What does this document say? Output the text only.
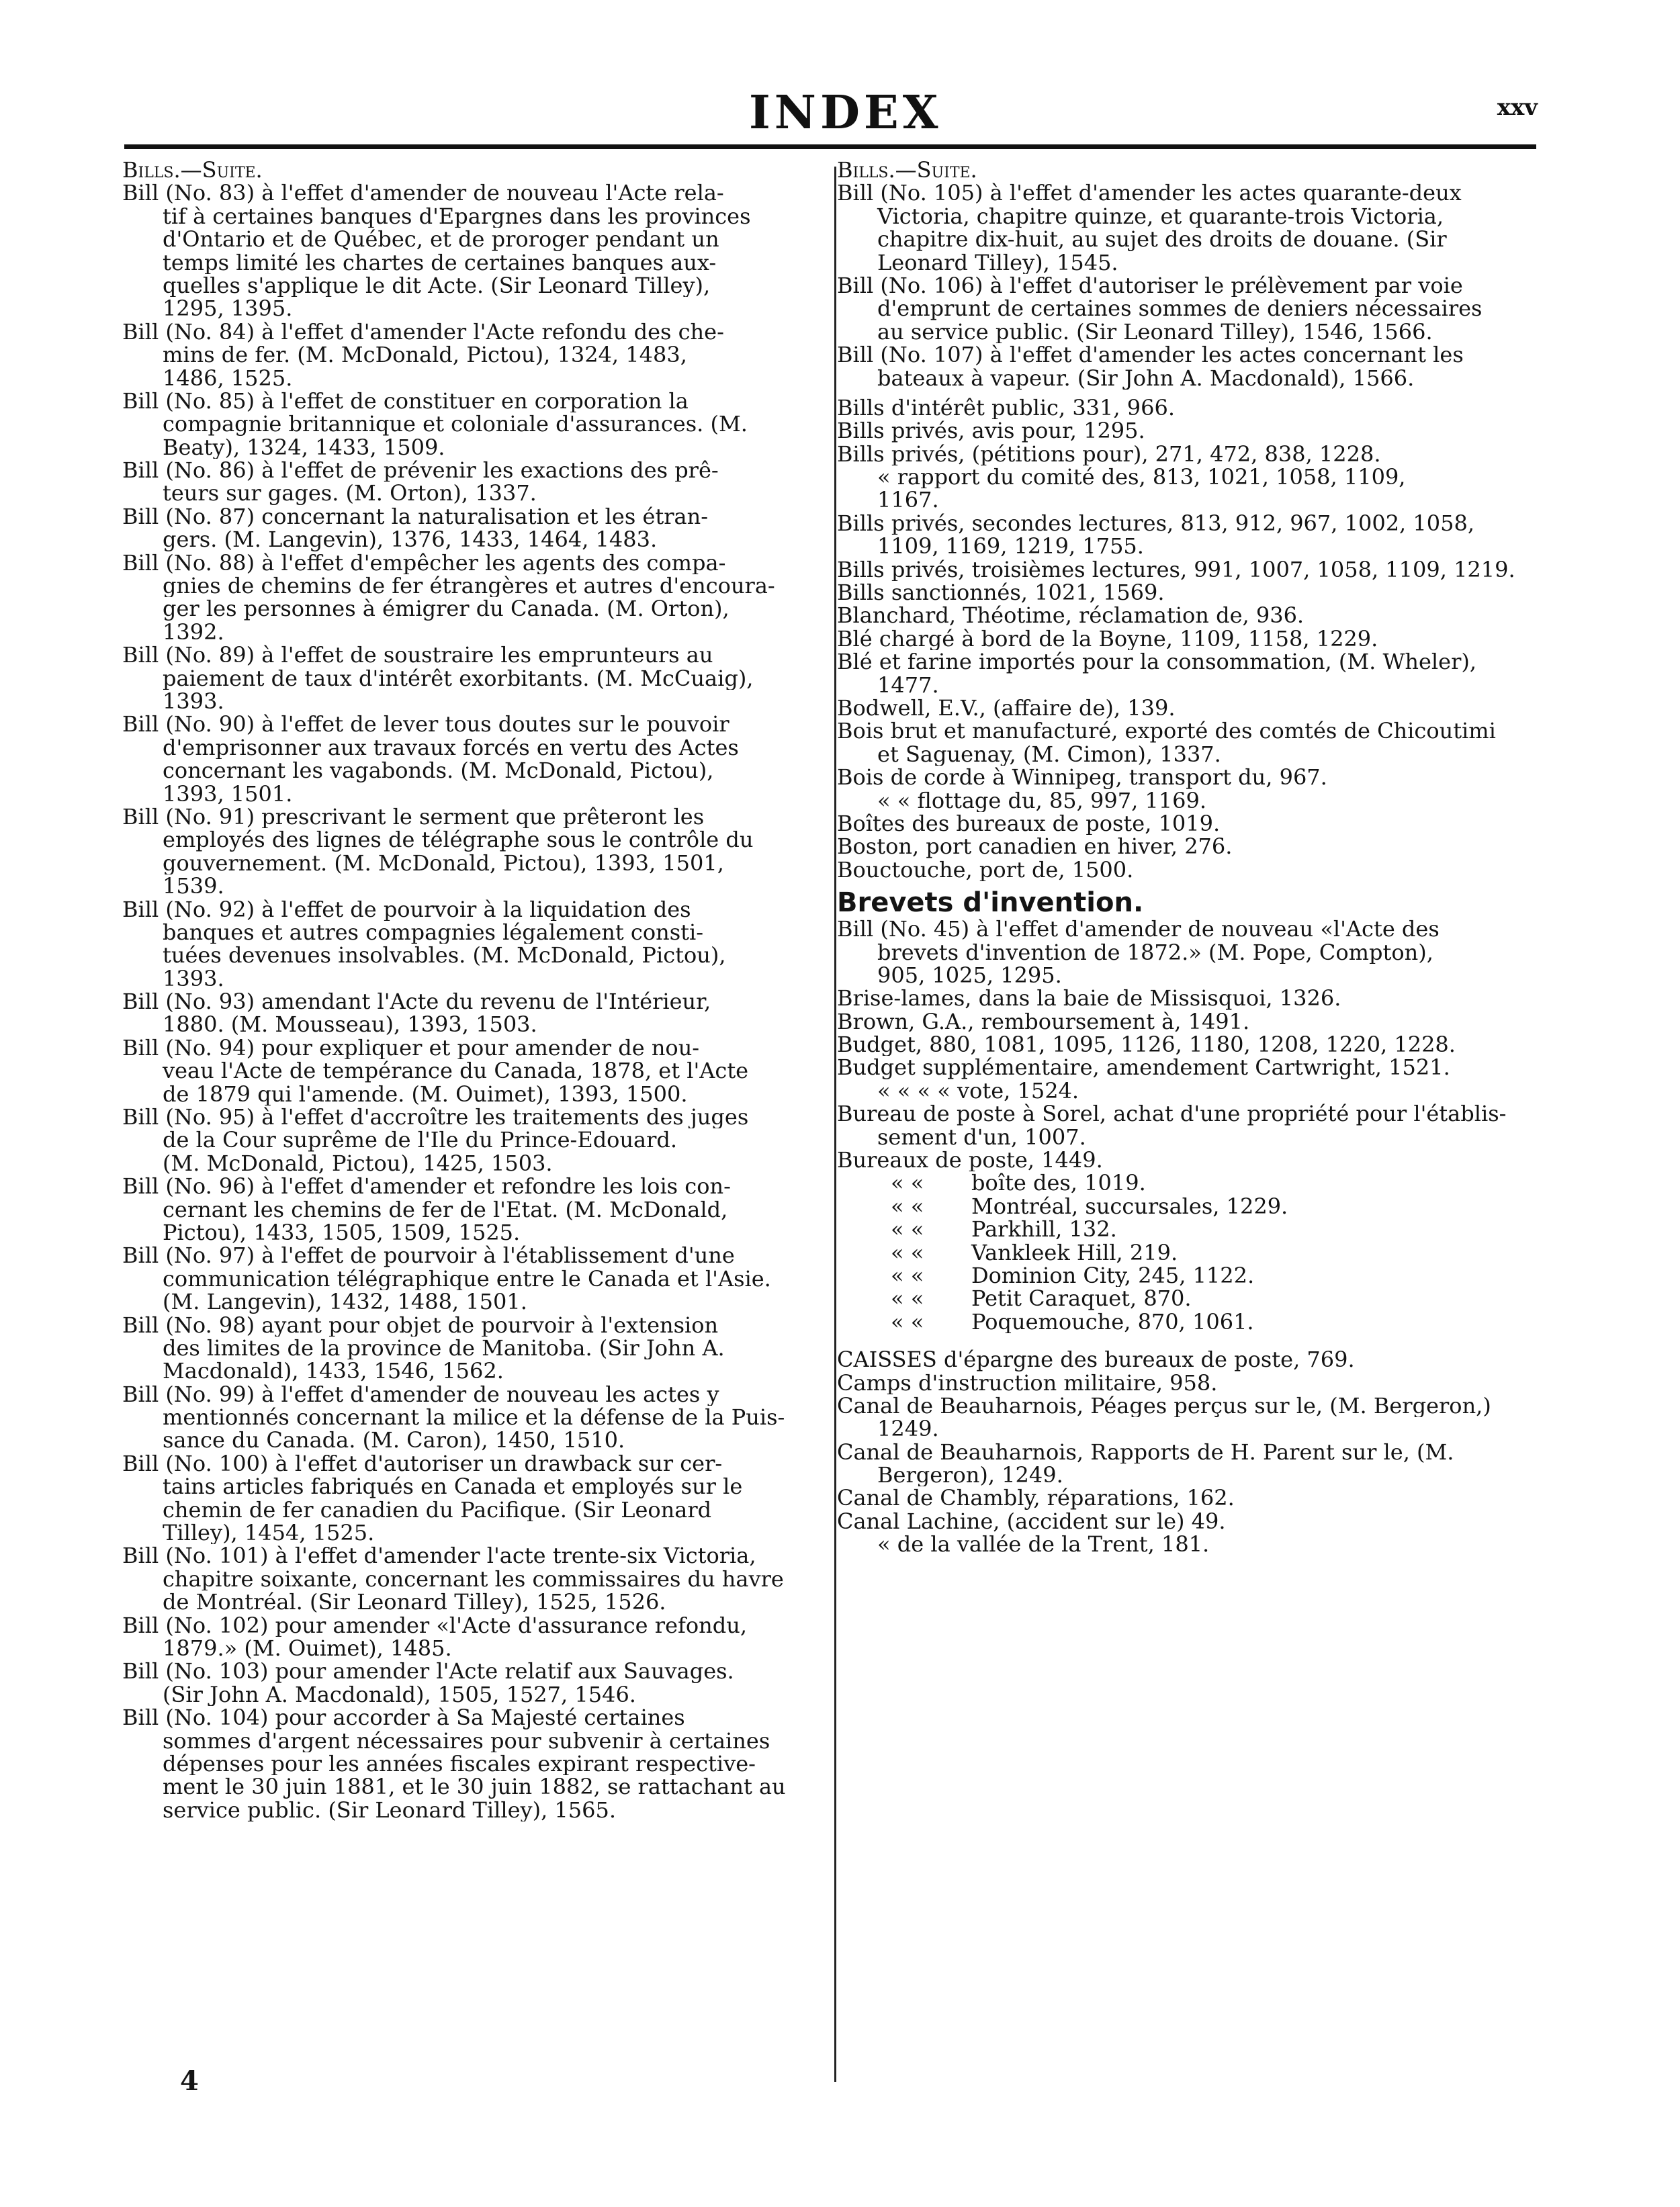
INDEX	xxv
Bills.—Suite.
Bill (No. 83) à l'effet d'amender de nouveau l'Acte rela-
tif à certaines banques d'Epargnes dans les provinces
d'Ontario et de Québec, et de proroger pendant un
temps limité les chartes de certaines banques aux-
quelles s'applique le dit Acte. (Sir Leonard Tilley),
1295, 1395.
Bill (No. 84) à l'effet d'amender l'Acte refondu des che-
mins de fer. (M. McDonald, Pictou), 1324, 1483,
1486, 1525.
Bill (No. 85) à l'effet de constituer en corporation la
compagnie britannique et coloniale d'assurances. (M.
Beaty), 1324, 1433, 1509.
Bill (No. 86) à l'effet de prévenir les exactions des prê-
teurs sur gages. (M. Orton), 1337.
Bill (No. 87) concernant la naturalisation et les étran-
gers. (M. Langevin), 1376, 1433, 1464, 1483.
Bill (No. 88) à l'effet d'empêcher les agents des compa-
gnies de chemins de fer étrangères et autres d'encoura-
ger les personnes à émigrer du Canada. (M. Orton),
1392.
Bill (No. 89) à l'effet de soustraire les emprunteurs au
paiement de taux d'intérêt exorbitants. (M. McCuaig),
1393.
Bill (No. 90) à l'effet de lever tous doutes sur le pouvoir
d'emprisonner aux travaux forcés en vertu des Actes
concernant les vagabonds. (M. McDonald, Pictou),
1393, 1501.
Bill (No. 91) prescrivant le serment que prêteront les
employés des lignes de télégraphe sous le contrôle du
gouvernement. (M. McDonald, Pictou), 1393, 1501,
1539.
Bill (No. 92) à l'effet de pourvoir à la liquidation des
banques et autres compagnies légalement consti-
tuées devenues insolvables. (M. McDonald, Pictou),
1393.
Bill (No. 93) amendant l'Acte du revenu de l'Intérieur,
1880. (M. Mousseau), 1393, 1503.
Bill (No. 94) pour expliquer et pour amender de nou-
veau l'Acte de tempérance du Canada, 1878, et l'Acte
de 1879 qui l'amende. (M. Ouimet), 1393, 1500.
Bill (No. 95) à l'effet d'accroître les traitements des juges
de la Cour suprême de l'Ile du Prince-Edouard.
(M. McDonald, Pictou), 1425, 1503.
Bill (No. 96) à l'effet d'amender et refondre les lois con-
cernant les chemins de fer de l'Etat. (M. McDonald,
Pictou), 1433, 1505, 1509, 1525.
Bill (No. 97) à l'effet de pourvoir à l'établissement d'une
communication télégraphique entre le Canada et l'Asie.
(M. Langevin), 1432, 1488, 1501.
Bill (No. 98) ayant pour objet de pourvoir à l'extension
des limites de la province de Manitoba. (Sir John A.
Macdonald), 1433, 1546, 1562.
Bill (No. 99) à l'effet d'amender de nouveau les actes y
mentionnés concernant la milice et la défense de la Puis-
sance du Canada. (M. Caron), 1450, 1510.
Bill (No. 100) à l'effet d'autoriser un drawback sur cer-
tains articles fabriqués en Canada et employés sur le
chemin de fer canadien du Pacifique. (Sir Leonard
Tilley), 1454, 1525.
Bill (No. 101) à l'effet d'amender l'acte trente-six Victoria,
chapitre soixante, concernant les commissaires du havre
de Montréal. (Sir Leonard Tilley), 1525, 1526.
Bill (No. 102) pour amender «l'Acte d'assurance refondu,
1879.» (M. Ouimet), 1485.
Bill (No. 103) pour amender l'Acte relatif aux Sauvages.
(Sir John A. Macdonald), 1505, 1527, 1546.
Bill (No. 104) pour accorder à Sa Majesté certaines
sommes d'argent nécessaires pour subvenir à certaines
dépenses pour les années fiscales expirant respective-
ment le 30 juin 1881, et le 30 juin 1882, se rattachant au
service public. (Sir Leonard Tilley), 1565.
Bills.—Suite.
Bill (No. 105) à l'effet d'amender les actes quarante-deux
Victoria, chapitre quinze, et quarante-trois Victoria,
chapitre dix-huit, au sujet des droits de douane. (Sir
Leonard Tilley), 1545.
Bill (No. 106) à l'effet d'autoriser le prélèvement par voie
d'emprunt de certaines sommes de deniers nécessaires
au service public. (Sir Leonard Tilley), 1546, 1566.
Bill (No. 107) à l'effet d'amender les actes concernant les
bateaux à vapeur. (Sir John A. Macdonald), 1566.
Bills d'intérêt public, 331, 966.
Bills privés, avis pour, 1295.
Bills privés, (pétitions pour), 271, 472, 838, 1228.
« rapport du comité des, 813, 1021, 1058, 1109,
1167.
Bills privés, secondes lectures, 813, 912, 967, 1002, 1058,
1109, 1169, 1219, 1755.
Bills privés, troisièmes lectures, 991, 1007, 1058, 1109, 1219.
Bills sanctionnés, 1021, 1569.
Blanchard, Théotime, réclamation de, 936.
Blé chargé à bord de la Boyne, 1109, 1158, 1229.
Blé et farine importés pour la consommation, (M. Wheler),
1477.
Bodwell, E.V., (affaire de), 139.
Bois brut et manufacturé, exporté des comtés de Chicoutimi
et Saguenay, (M. Cimon), 1337.
Bois de corde à Winnipeg, transport du, 967.
« « flottage du, 85, 997, 1169.
Boîtes des bureaux de poste, 1019.
Boston, port canadien en hiver, 276.
Bouctouche, port de, 1500.
Brevets d'invention.
Bill (No. 45) à l'effet d'amender de nouveau «l'Acte des
brevets d'invention de 1872.» (M. Pope, Compton),
905, 1025, 1295.
Brise-lames, dans la baie de Missisquoi, 1326.
Brown, G.A., remboursement à, 1491.
Budget, 880, 1081, 1095, 1126, 1180, 1208, 1220, 1228.
Budget supplémentaire, amendement Cartwright, 1521.
« « « « vote, 1524.
Bureau de poste à Sorel, achat d'une propriété pour l'établis-
sement d'un, 1007.
Bureaux de poste, 1449.
« «	boîte des, 1019.
« «	Montréal, succursales, 1229.
« «	Parkhill, 132.
« «	Vankleek Hill, 219.
« «	Dominion City, 245, 1122.
« «	Petit Caraquet, 870.
« «	Poquemouche, 870, 1061.
CAISSES d'épargne des bureaux de poste, 769.
Camps d'instruction militaire, 958.
Canal de Beauharnois, Péages perçus sur le, (M. Bergeron,)
1249.
Canal de Beauharnois, Rapports de H. Parent sur le, (M.
Bergeron), 1249.
Canal de Chambly, réparations, 162.
Canal Lachine, (accident sur le) 49.
« de la vallée de la Trent, 181.
4
